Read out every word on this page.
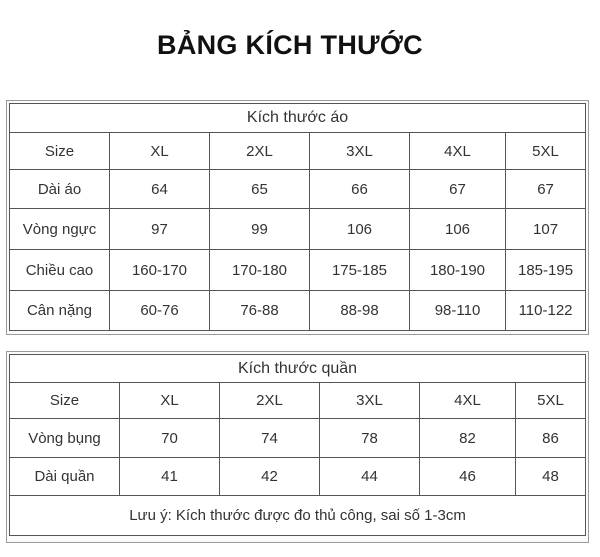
BẢNG KÍCH THƯỚC
Kích thước áo					
Size	XL	2XL	3XL	4XL	5XL
Dài áo	64	65	66	67	67
Vòng ngực	97	99	106	106	107
Chiều cao	160-170	170-180	175-185	180-190	185-195
Cân nặng	60-76	76-88	88-98	98-110	110-122
Kích thước quần					
Size	XL	2XL	3XL	4XL	5XL
Vòng bụng	70	74	78	82	86
Dài quần	41	42	44	46	48
Lưu ý: Kích thước được đo thủ công, sai số 1-3cm					
